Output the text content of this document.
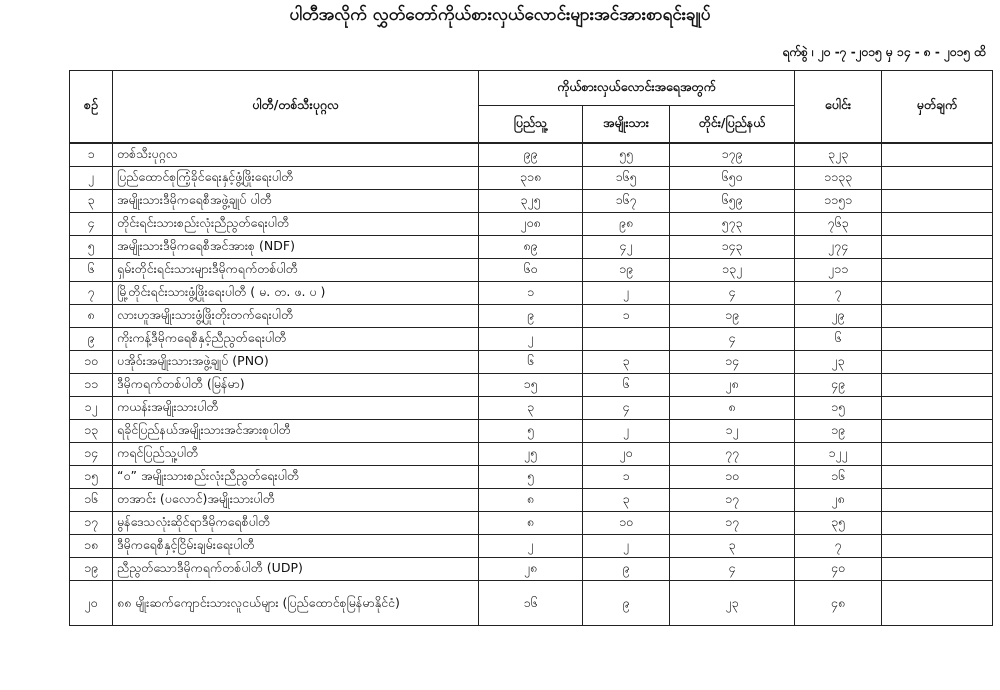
ပါတီအလိုက် လွှတ်တော်ကိုယ်စားလှယ်လောင်းများအင်အားစာရင်းချုပ်
ရက်စွဲ ၊ ၂၀ -၇ -၂၀၁၅ မှ ၁၄ - ၈ - ၂၀၁၅ ထိ
စဉ်	ပါတီ/တစ်သီးပုဂ္ဂလ	ကိုယ်စားလှယ်လောင်းအရေအတွက်			ပေါင်း	မှတ်ချက်
		ပြည်သူ့	အမျိုးသား	တိုင်း/ပြည်နယ်		
၁	တစ်သီးပုဂ္ဂလ	၉၉	၅၅	၁၇၉	၃၂၃	
၂	ပြည်ထောင်စုကြံ့ခိုင်ရေးနှင့်ဖွံ့ဖြိုးရေးပါတီ	၃၁၈	၁၆၅	၆၅၀	၁၁၃၃	
၃	အမျိုးသားဒီမိုကရေစီအဖွဲ့ချုပ် ပါတီ	၃၂၅	၁၆၇	၆၅၉	၁၁၅၁	
၄	တိုင်းရင်းသားစည်းလုံးညီညွတ်ရေးပါတီ	၂၀၈	၉၈	၅၇၃	၇၆၃	
၅	အမျိုးသားဒီမိုကရေစီအင်အားစု (NDF)	၈၉	၄၂	၁၄၃	၂၇၄	
၆	ရှမ်းတိုင်းရင်းသားများဒီမိုကရက်တစ်ပါတီ	၆၀	၁၉	၁၃၂	၂၁၁	
၇	မြို့တိုင်းရင်းသားဖွံ့ဖြိုးရေးပါတီ ( မ. တ. ဖ. ပ )	၁	၂	၄	၇	
၈	လားဟူအမျိုးသားဖွံ့ဖြိုးတိုးတက်ရေးပါတီ	၉	၁	၁၉	၂၉	
၉	ကိုးကန့်ဒီမိုကရေစီနှင့်ညီညွတ်ရေးပါတီ	၂		၄	၆	
၁၀	ပအိုဝ်းအမျိုးသားအဖွဲ့ချုပ် (PNO)	၆	၃	၁၄	၂၃	
၁၁	ဒီမိုကရက်တစ်ပါတီ (မြန်မာ)	၁၅	၆	၂၈	၄၉	
၁၂	ကယန်းအမျိုးသားပါတီ	၃	၄	၈	၁၅	
၁၃	ရခိုင်ပြည်နယ်အမျိုးသားအင်အားစုပါတီ	၅	၂	၁၂	၁၉	
၁၄	ကရင်ပြည်သူ့ပါတီ	၂၅	၂၀	၇၇	၁၂၂	
၁၅	“၀” အမျိုးသားစည်းလုံးညီညွတ်ရေးပါတီ	၅	၁	၁၀	၁၆	
၁၆	တအာင်း (ပလောင်)အမျိုးသားပါတီ	၈	၃	၁၇	၂၈	
၁၇	မွန်ဒေသလုံးဆိုင်ရာဒီမိုကရေစီပါတီ	၈	၁၀	၁၇	၃၅	
၁၈	ဒီမိုကရေစီနှင့်ငြိမ်းချမ်းရေးပါတီ	၂	၂	၃	၇	
၁၉	ညီညွတ်သောဒီမိုကရက်တစ်ပါတီ (UDP)	၂၈	၉	၄	၄၀	
၂၀	၈၈ မျိုးဆက်ကျောင်းသားလူငယ်များ (ပြည်ထောင်စုမြန်မာနိုင်ငံ)	၁၆	၉	၂၃	၄၈	
